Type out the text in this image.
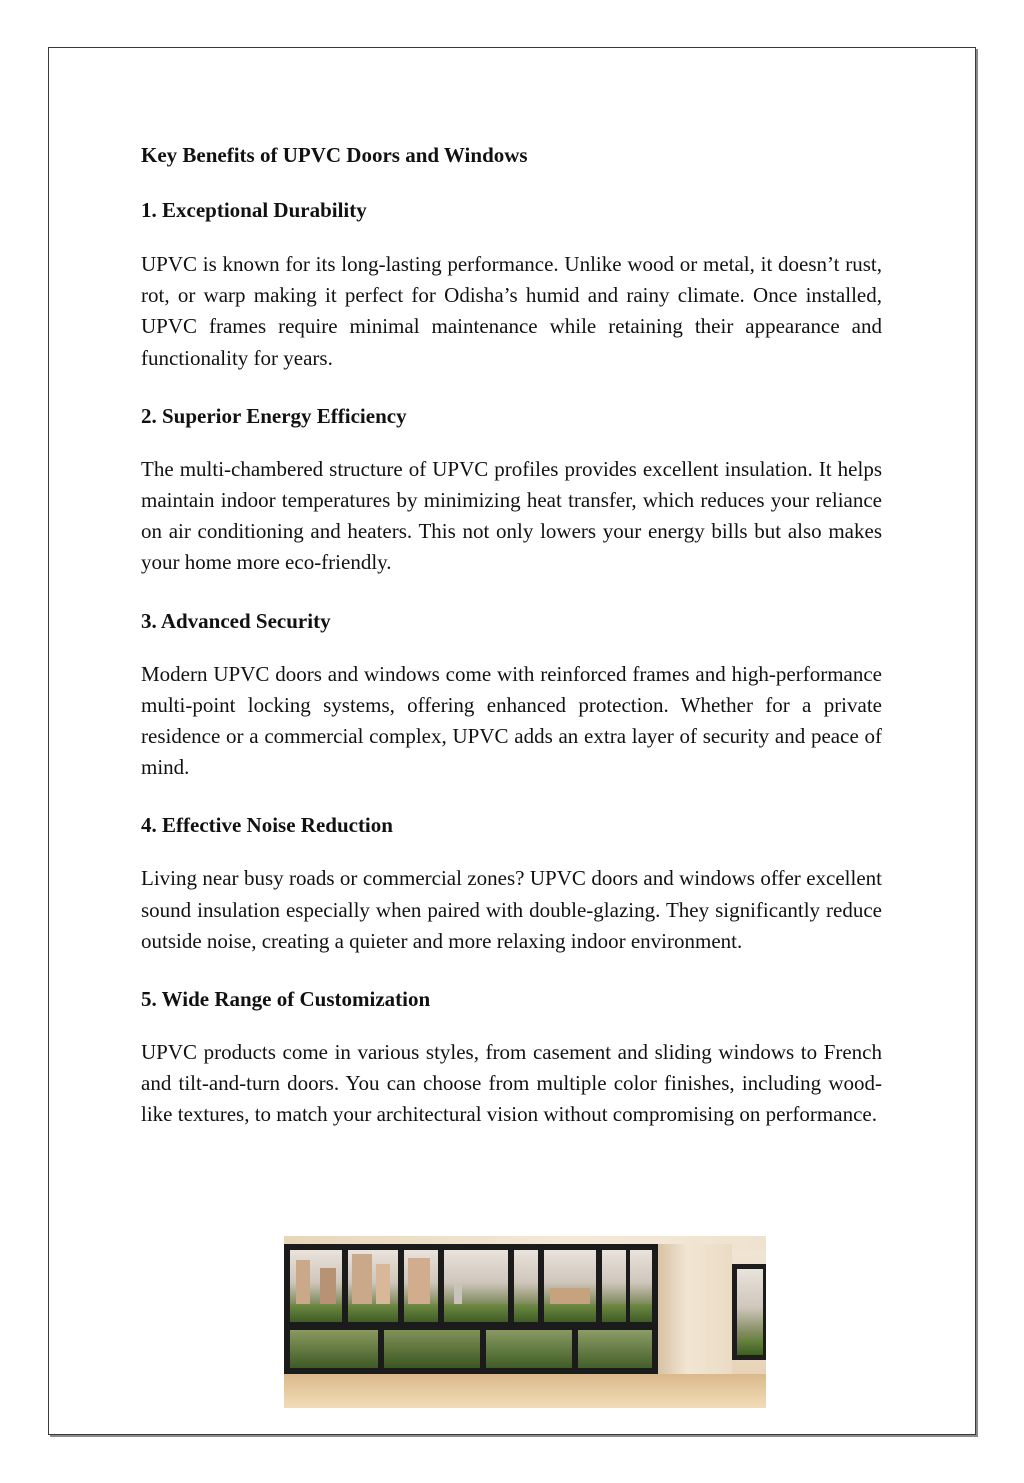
Key Benefits of UPVC Doors and Windows
1. Exceptional Durability

UPVC is known for its long-lasting performance. Unlike wood or metal, it doesn’t rust, rot, or warp making it perfect for Odisha’s humid and rainy climate. Once installed, UPVC frames require minimal maintenance while retaining their appearance and functionality for years.

2. Superior Energy Efficiency

The multi-chambered structure of UPVC profiles provides excellent insulation. It helps maintain indoor temperatures by minimizing heat transfer, which reduces your reliance on air conditioning and heaters. This not only lowers your energy bills but also makes your home more eco-friendly.

3. Advanced Security

Modern UPVC doors and windows come with reinforced frames and high-performance multi-point locking systems, offering enhanced protection. Whether for a private residence or a commercial complex, UPVC adds an extra layer of security and peace of mind.

4. Effective Noise Reduction

Living near busy roads or commercial zones? UPVC doors and windows offer excellent sound insulation especially when paired with double-glazing. They significantly reduce outside noise, creating a quieter and more relaxing indoor environment.

5. Wide Range of Customization

UPVC products come in various styles, from casement and sliding windows to French and tilt-and-turn doors. You can choose from multiple color finishes, including wood-like textures, to match your architectural vision without compromising on performance.
